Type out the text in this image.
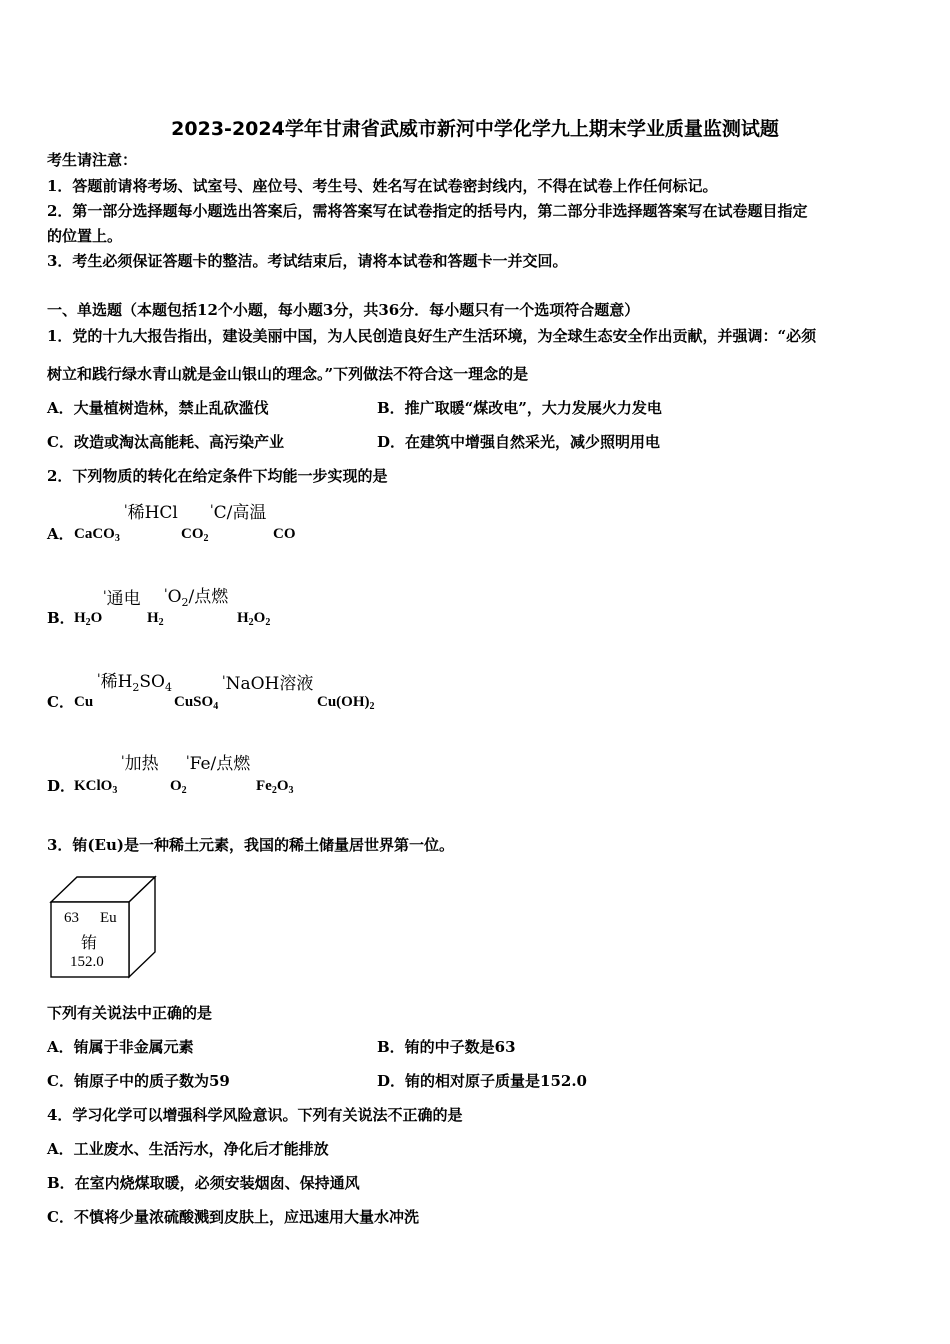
2023-2024学年甘肃省武威市新河中学化学九上期末学业质量监测试题
考生请注意：
1．答题前请将考场、试室号、座位号、考生号、姓名写在试卷密封线内，不得在试卷上作任何标记。
2．第一部分选择题每小题选出答案后，需将答案写在试卷指定的括号内，第二部分非选择题答案写在试卷题目指定
的位置上。
3．考生必须保证答题卡的整洁。考试结束后，请将本试卷和答题卡一并交回。
一、单选题（本题包括12个小题，每小题3分，共36分．每小题只有一个选项符合题意）
1．党的十九大报告指出，建设美丽中国，为人民创造良好生产生活环境，为全球生态安全作出贡献，并强调：“必须
树立和践行绿水青山就是金山银山的理念。”下列做法不符合这一理念的是
A．大量植树造林，禁止乱砍滥伐	B．推广取暖“煤改电”，大力发展火力发电
C．改造或淘汰高能耗、高污染产业	D．在建筑中增强自然采光，减少照明用电
2．下列物质的转化在给定条件下均能一步实现的是
'稀HCl 'C/高温
A． CaCO$_3$	$CO_2$	CO
'通电 $'O_2/$点燃
B． $H_2O$	$H_2$	$H_2O_2$
'稀$H_2SO_4$	'NaOH溶液
C． Cu	CuSO$_4$	$Cu(OH)_2$
'加热 'Fe/点燃
D．
KClO$_3$	$O_2$	$Fe_2O_3$
3．铕(Eu)是一种稀土元素，我国的稀土储量居世界第一位。
63 Eu
铕
152.0
下列有关说法中正确的是
A．铕属于非金属元素	B．铕的中子数是63
C．铕原子中的质子数为59	D．铕的相对原子质量是152.0
4．学习化学可以增强科学风险意识。下列有关说法不正确的是
A．工业废水、生活污水，净化后才能排放
B．在室内烧煤取暖，必须安装烟囱、保持通风
C．不慎将少量浓硫酸溅到皮肤上，应迅速用大量水冲洗
